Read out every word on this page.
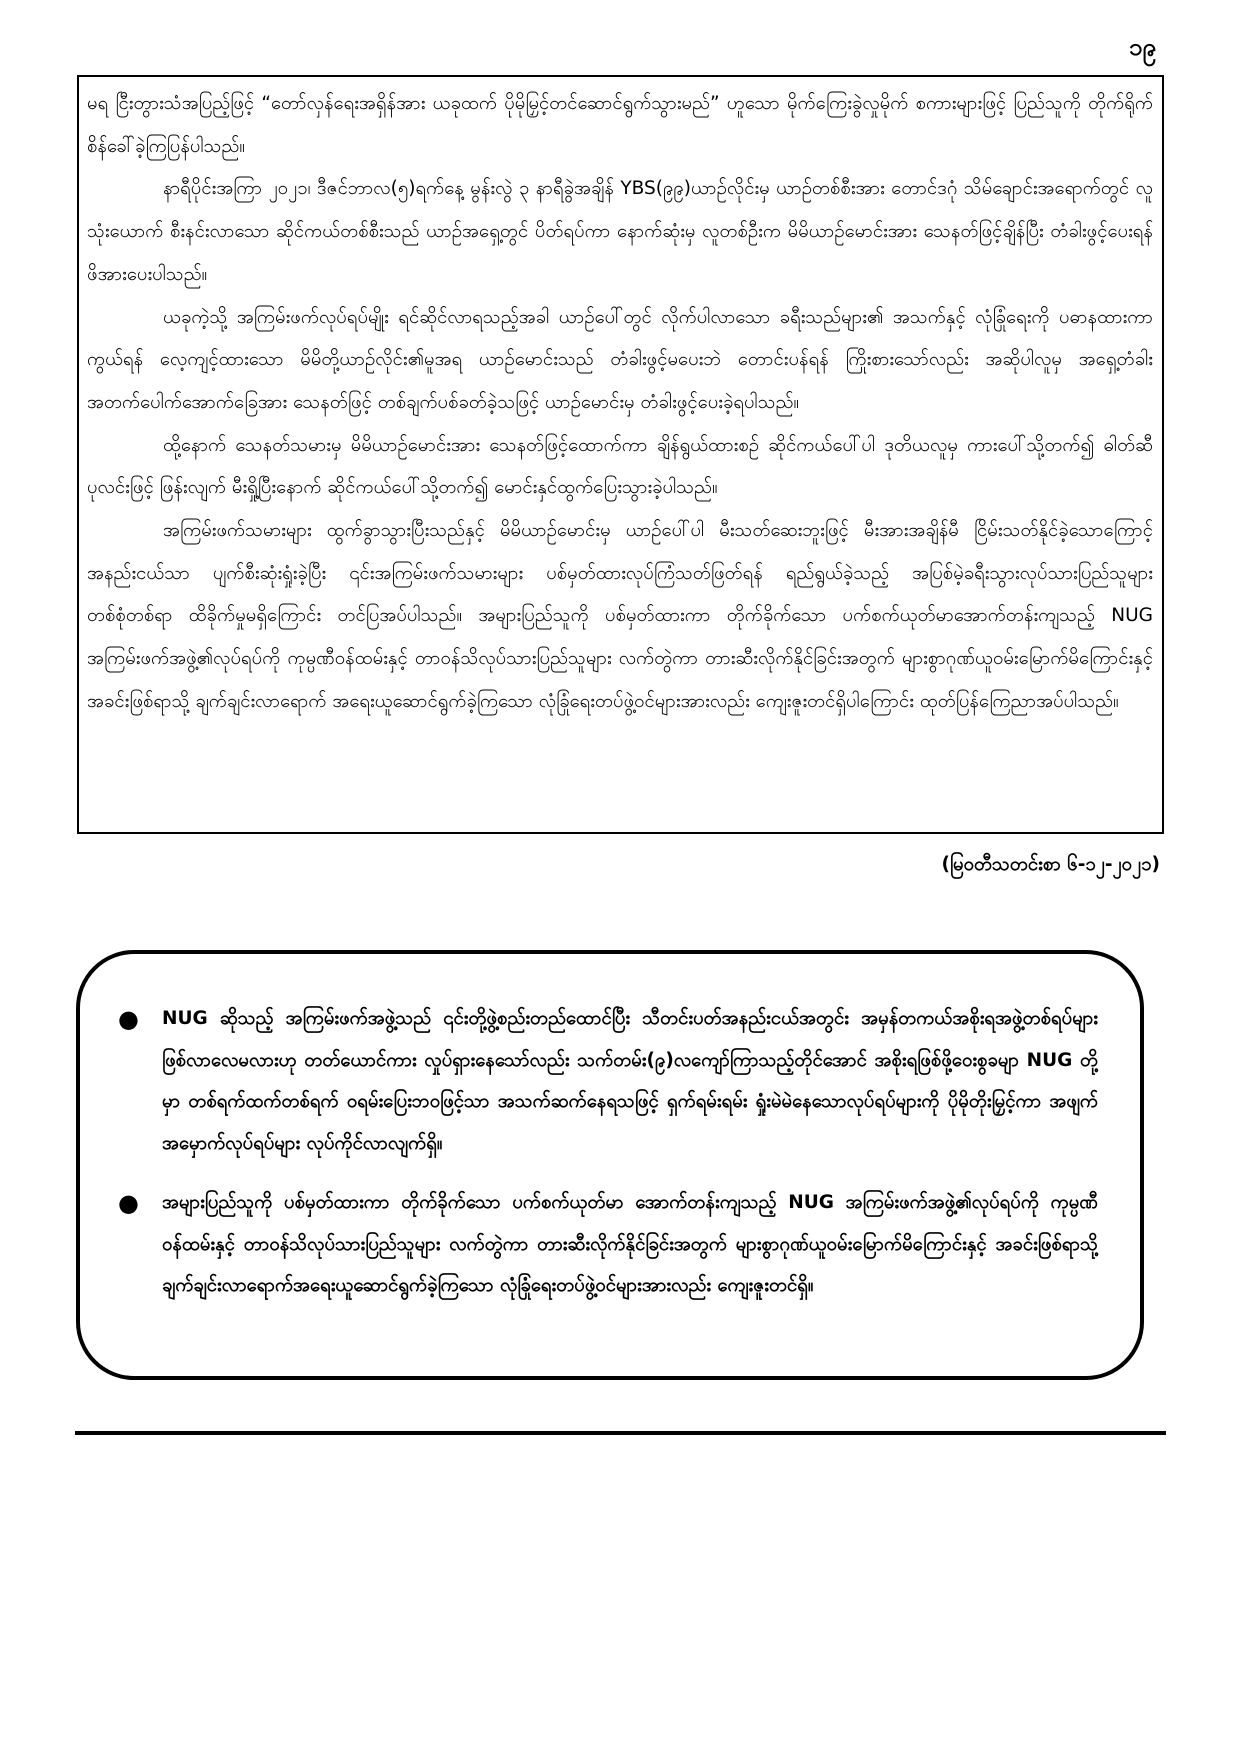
၁၉

မရ ငြီးတွားသံအပြည့်ဖြင့် “တော်လှန်ရေးအရှိန်အား ယခုထက် ပိုမိုမြှင့်တင်ဆောင်ရွက်သွားမည်” ဟူသော မိုက်ကြေးခွဲလှုမိုက် စကားများဖြင့် ပြည်သူကို တိုက်ရိုက်စိန်ခေါ်ခဲ့ကြပြန်ပါသည်။

နာရီပိုင်းအကြာ ၂၀၂၁၊ ဒီဇင်ဘာလ(၅)ရက်နေ့ မွန်းလွဲ ၃ နာရီခွဲအချိန် YBS(၉၉)ယာဉ်လိုင်းမှ ယာဉ်တစ်စီးအား တောင်ဒဂုံ သိမ်ချောင်းအရောက်တွင် လူသုံးယောက် စီးနင်းလာသော ဆိုင်ကယ်တစ်စီးသည် ယာဉ်အရှေ့တွင် ပိတ်ရပ်ကာ နောက်ဆုံးမှ လူတစ်ဦးက မိမိယာဉ်မောင်းအား သေနတ်ဖြင့်ချိန်ပြီး တံခါးဖွင့်ပေးရန် ဖိအားပေးပါသည်။

ယခုကဲ့သို့ အကြမ်းဖက်လုပ်ရပ်မျိုး ရင်ဆိုင်လာရသည့်အခါ ယာဉ်ပေါ်တွင် လိုက်ပါလာသော ခရီးသည်များ၏ အသက်နှင့် လုံခြုံရေးကို ပဓာနထားကာကွယ်ရန် လေ့ကျင့်ထားသော မိမိတို့ယာဉ်လိုင်း၏မူအရ ယာဉ်မောင်းသည် တံခါးဖွင့်မပေးဘဲ တောင်းပန်ရန် ကြိုးစားသော်လည်း အဆိုပါလူမှ အရှေ့တံခါးအတက်ပေါက်အောက်ခြေအား သေနတ်ဖြင့် တစ်ချက်ပစ်ခတ်ခဲ့သဖြင့် ယာဉ်မောင်းမှ တံခါးဖွင့်ပေးခဲ့ရပါသည်။

ထို့နောက် သေနတ်သမားမှ မိမိယာဉ်မောင်းအား သေနတ်ဖြင့်ထောက်ကာ ချိန်ရွယ်ထားစဉ် ဆိုင်ကယ်ပေါ်ပါ ဒုတိယလူမှ ကားပေါ်သို့တက်၍ ဓါတ်ဆီပုလင်းဖြင့် ဖြန်းလျက် မီးရှို့ပြီးနောက် ဆိုင်ကယ်ပေါ်သို့တက်၍ မောင်းနှင်ထွက်ပြေးသွားခဲ့ပါသည်။

အကြမ်းဖက်သမားများ ထွက်ခွာသွားပြီးသည်နှင့် မိမိယာဉ်မောင်းမှ ယာဉ်ပေါ်ပါ မီးသတ်ဆေးဘူးဖြင့် မီးအားအချိန်မီ ငြိမ်းသတ်နိုင်ခဲ့သောကြောင့် အနည်းငယ်သာ ပျက်စီးဆုံးရှုံးခဲ့ပြီး ၎င်းအကြမ်းဖက်သမားများ ပစ်မှတ်ထားလုပ်ကြံသတ်ဖြတ်ရန် ရည်ရွယ်ခဲ့သည့် အပြစ်မဲ့ခရီးသွားလုပ်သားပြည်သူများ တစ်စုံတစ်ရာ ထိခိုက်မှုမရှိကြောင်း တင်ပြအပ်ပါသည်။ အများပြည်သူကို ပစ်မှတ်ထားကာ တိုက်ခိုက်သော ပက်စက်ယုတ်မာအောက်တန်းကျသည့် NUG အကြမ်းဖက်အဖွဲ့၏လုပ်ရပ်ကို ကုမ္ပဏီဝန်ထမ်းနှင့် တာဝန်သိလုပ်သားပြည်သူများ လက်တွဲကာ တားဆီးလိုက်နိုင်ခြင်းအတွက် များစွာဂုဏ်ယူဝမ်းမြောက်မိကြောင်းနှင့် အခင်းဖြစ်ရာသို့ ချက်ချင်းလာရောက် အရေးယူဆောင်ရွက်ခဲ့ကြသော လုံခြုံရေးတပ်ဖွဲ့ဝင်များအားလည်း ကျေးဇူးတင်ရှိပါကြောင်း ထုတ်ပြန်ကြေညာအပ်ပါသည်။

(မြဝတီသတင်းစာ ၆-၁၂-၂၀၂၁)
●	NUG ဆိုသည့် အကြမ်းဖက်အဖွဲ့သည် ၎င်းတို့ဖွဲ့စည်းတည်ထောင်ပြီး သီတင်းပတ်အနည်းငယ်အတွင်း အမှန်တကယ်အစိုးရအဖွဲ့တစ်ရပ်များ ဖြစ်လာလေမလားဟု တတ်ယောင်ကား လှုပ်ရှားနေသော်လည်း သက်တမ်း(၉)လကျော်ကြာသည့်တိုင်အောင် အစိုးရဖြစ်ဖို့ဝေးစွခမျာ NUG တို့မှာ တစ်ရက်ထက်တစ်ရက် ဝရမ်းပြေးဘဝဖြင့်သာ အသက်ဆက်နေရသဖြင့် ရှက်ရမ်းရမ်း ရှုံးမဲမဲနေသောလုပ်ရပ်များကို ပိုမိုတိုးမြှင့်ကာ အဖျက်အမှောက်လုပ်ရပ်များ လုပ်ကိုင်လာလျက်ရှိ။
●	အများပြည်သူကို ပစ်မှတ်ထားကာ တိုက်ခိုက်သော ပက်စက်ယုတ်မာ အောက်တန်းကျသည့် NUG အကြမ်းဖက်အဖွဲ့၏လုပ်ရပ်ကို ကုမ္ပဏီဝန်ထမ်းနှင့် တာဝန်သိလုပ်သားပြည်သူများ လက်တွဲကာ တားဆီးလိုက်နိုင်ခြင်းအတွက် များစွာဂုဏ်ယူဝမ်းမြောက်မိကြောင်းနှင့် အခင်းဖြစ်ရာသို့ ချက်ချင်းလာရောက်အရေးယူဆောင်ရွက်ခဲ့ကြသော လုံခြုံရေးတပ်ဖွဲ့ဝင်များအားလည်း ကျေးဇူးတင်ရှိ။
